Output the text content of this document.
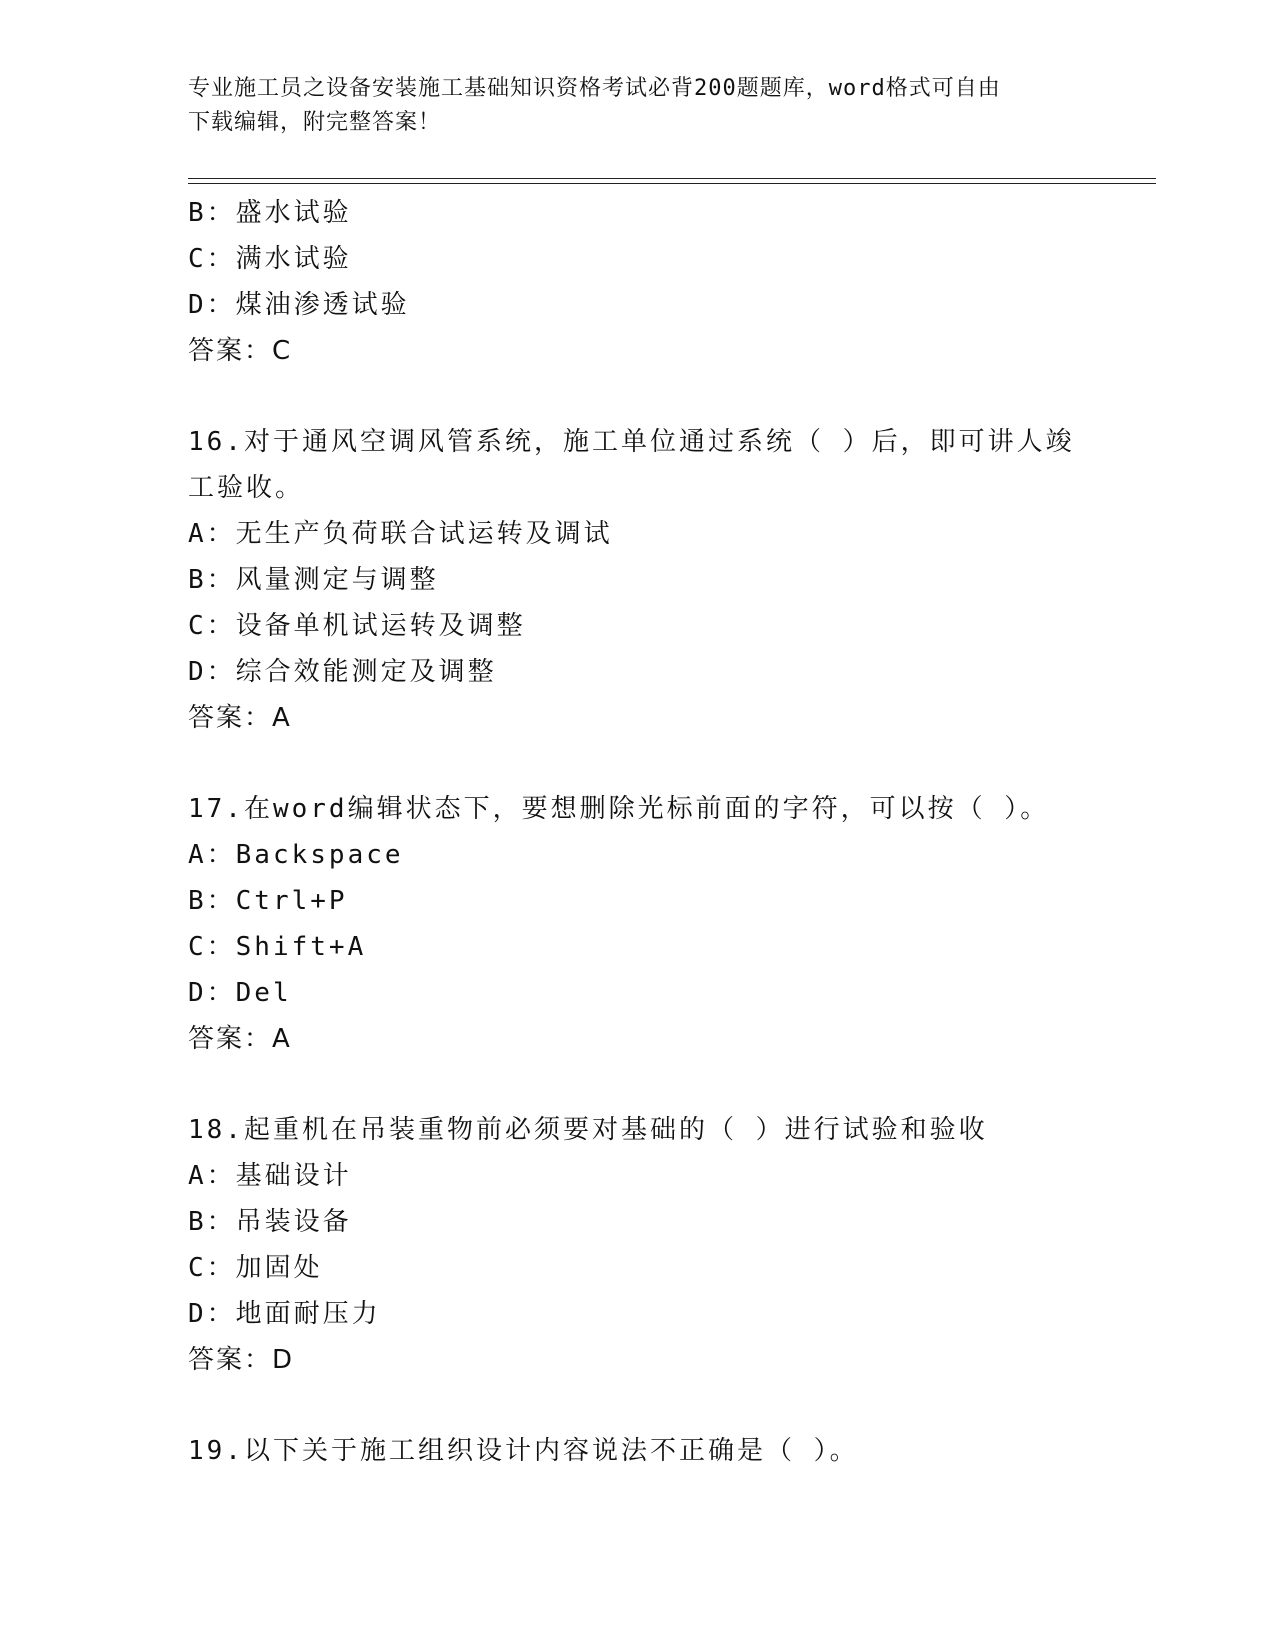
专业施工员之设备安装施工基础知识资格考试必背200题题库，word格式可自由
下载编辑，附完整答案！
B：盛水试验
C：满水试验
D：煤油渗透试验
答案：C
16.对于通风空调风管系统，施工单位通过系统（ ）后，即可讲人竣
工验收。
A：无生产负荷联合试运转及调试
B：风量测定与调整
C：设备单机试运转及调整
D：综合效能测定及调整
答案：A
17.在word编辑状态下，要想删除光标前面的字符，可以按（ ）。
A：Backspace
B：Ctrl+P
C：Shift+A
D：Del
答案：A
18.起重机在吊装重物前必须要对基础的（ ）进行试验和验收
A：基础设计
B：吊装设备
C：加固处
D：地面耐压力
答案：D
19.以下关于施工组织设计内容说法不正确是（ ）。
